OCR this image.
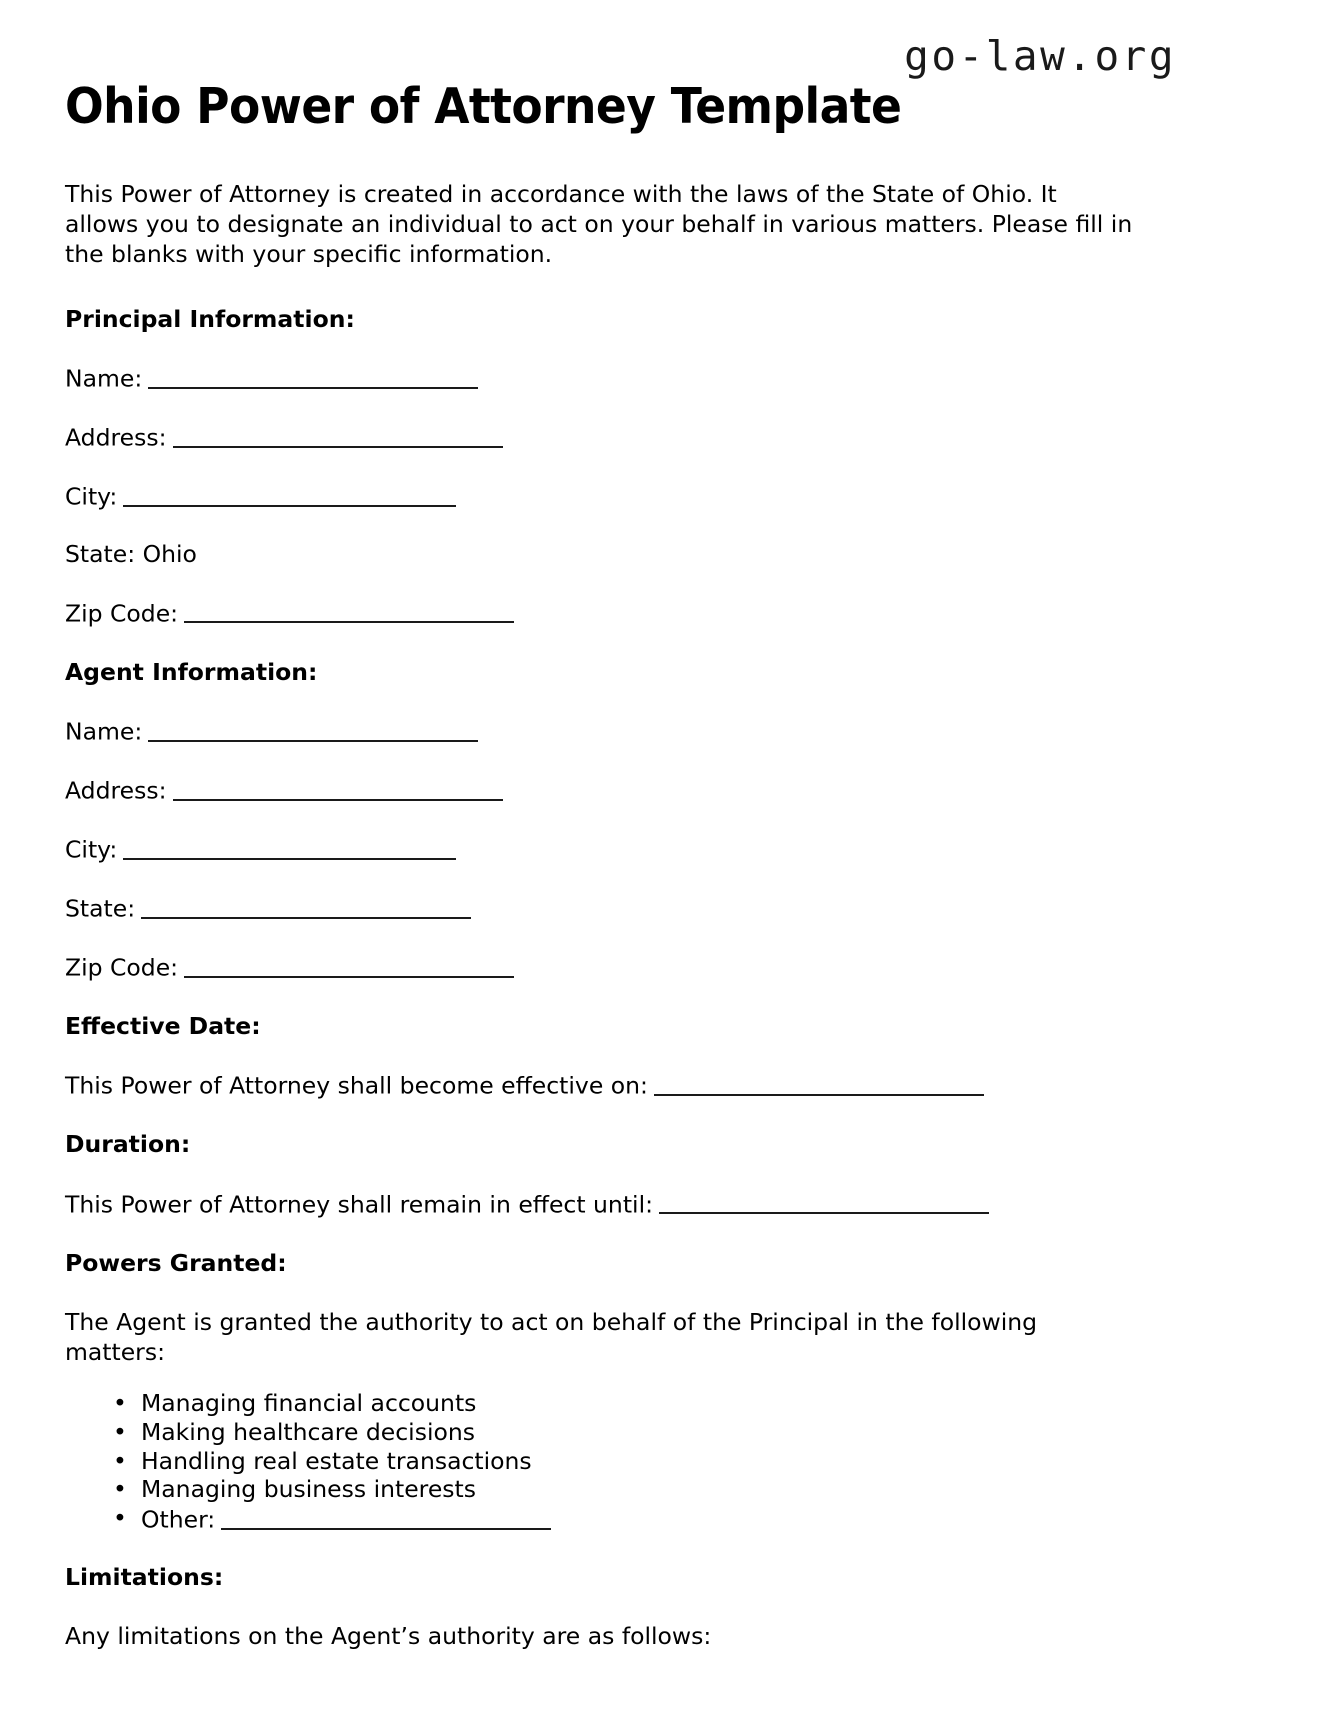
go-law.org
Ohio Power of Attorney Template

This Power of Attorney is created in accordance with the laws of the State of Ohio. It allows you to designate an individual to act on your behalf in various matters. Please fill in the blanks with your specific information.

Principal Information:
Name:
Address:
City:
State: Ohio
Zip Code:
Agent Information:
Name:
Address:
City:
State:
Zip Code:
Effective Date:
This Power of Attorney shall become effective on:
Duration:
This Power of Attorney shall remain in effect until:
Powers Granted:

The Agent is granted the authority to act on behalf of the Principal in the following matters:

• Managing financial accounts
• Making healthcare decisions
• Handling real estate transactions
• Managing business interests
• Other:
Limitations:
Any limitations on the Agent’s authority are as follows:
